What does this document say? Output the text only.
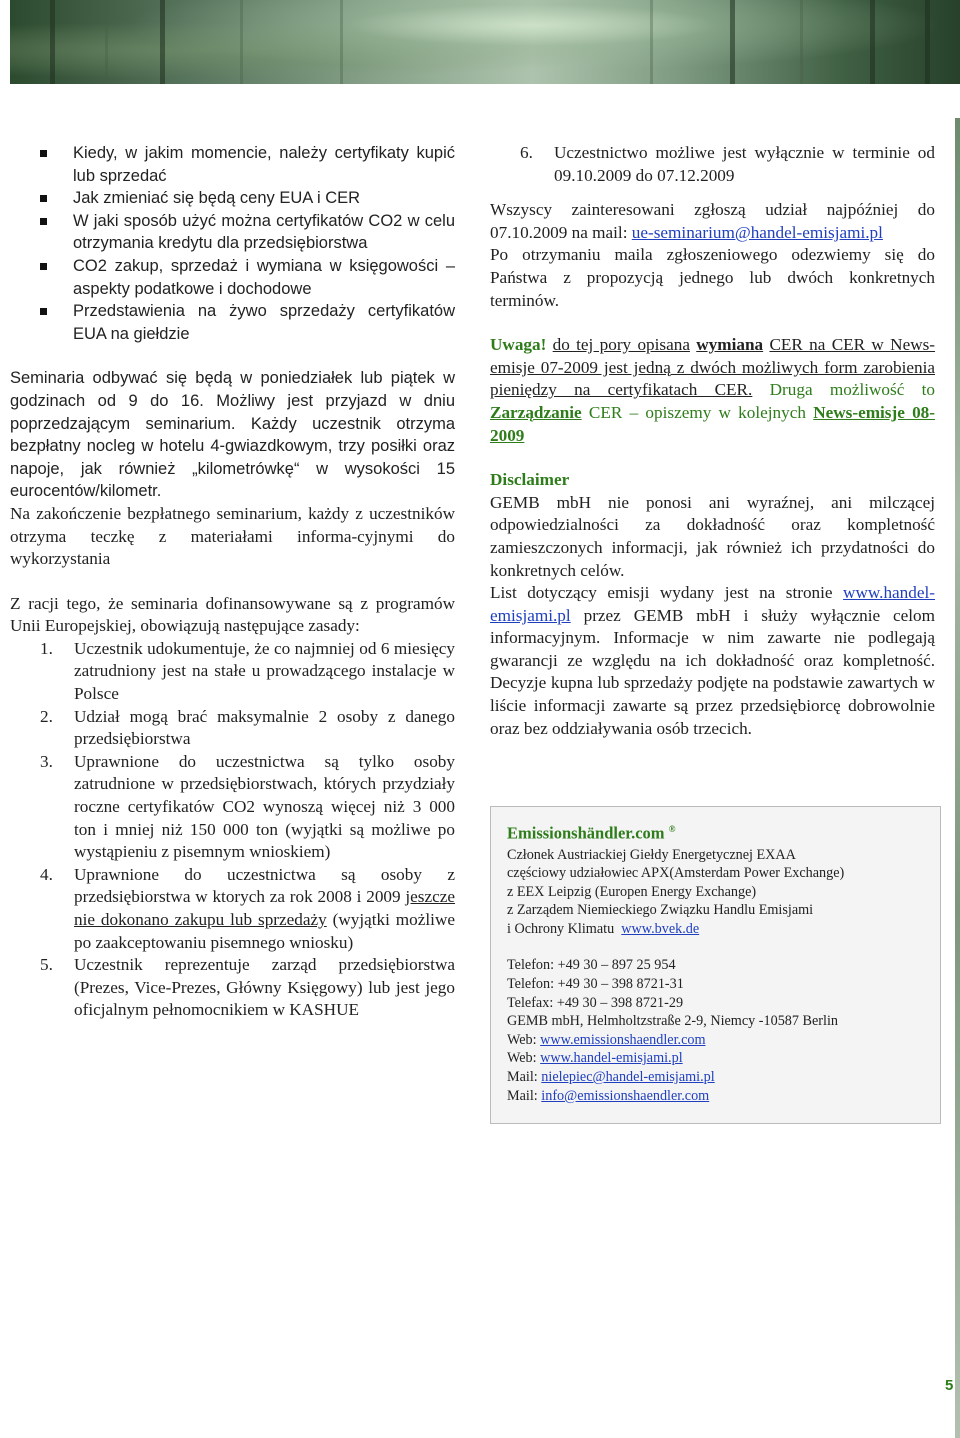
Kiedy, w jakim momencie, należy certyfikaty kupić lub sprzedać
Jak zmieniać się będą ceny EUA i CER
W jaki sposób użyć można certyfikatów CO2 w celu otrzymania kredytu dla przedsiębiorstwa
CO2 zakup, sprzedaż i wymiana w księgowości – aspekty podatkowe i dochodowe
Przedstawienia na żywo sprzedaży certyfikatów EUA na giełdzie
Seminaria odbywać się będą w poniedziałek lub piątek w godzinach od 9 do 16. Możliwy jest przyjazd w dniu poprzedzającym seminarium. Każdy uczestnik otrzyma bezpłatny nocleg w hotelu 4-gwiazdkowym, trzy posiłki oraz napoje, jak również „kilometrówkę“ w wysokości 15 eurocentów/kilometr.
Na zakończenie bezpłatnego seminarium, każdy z uczestników otrzyma teczkę z materiałami informa-cyjnymi do wykorzystania
Z racji tego, że seminaria dofinansowywane są z programów Unii Europejskiej, obowiązują następujące zasady:
1.	Uczestnik udokumentuje, że co najmniej od 6 miesięcy zatrudniony jest na stałe u prowadzącego instalacje w Polsce
2.	Udział mogą brać maksymalnie 2 osoby z danego przedsiębiorstwa
3.	Uprawnione do uczestnictwa są tylko osoby zatrudnione w przedsiębiorstwach, których przydziały roczne certyfikatów CO2 wynoszą więcej niż 3 000 ton i mniej niż 150 000 ton (wyjątki są możliwe po wystąpieniu z pisemnym wnioskiem)
4.	Uprawnione do uczestnictwa są osoby z przedsiębiorstwa w ktorych za rok 2008 i 2009 jeszcze nie dokonano zakupu lub sprzedaży (wyjątki możliwe po zaakceptowaniu pisemnego wniosku)
5.	Uczestnik reprezentuje zarząd przedsiębiorstwa (Prezes, Vice-Prezes, Główny Księgowy) lub jest jego oficjalnym pełnomocnikiem w KASHUE
6.	Uczestnictwo możliwe jest wyłącznie w terminie od 09.10.2009 do 07.12.2009
Wszyscy zainteresowani zgłoszą udział najpóźniej do 07.10.2009 na mail: ue-seminarium@handel-emisjami.pl
Po otrzymaniu maila zgłoszeniowego odezwiemy się do Państwa z propozycją jednego lub dwóch konkretnych terminów.
Uwaga! do tej pory opisana wymiana CER na CER w News-emisje 07-2009 jest jedną z dwóch możliwych form zarobienia pieniędzy na certyfikatach CER. Druga możliwość to Zarządzanie CER – opiszemy w kolejnych News-emisje 08-2009
Disclaimer
GEMB mbH nie ponosi ani wyraźnej, ani milczącej odpowiedzialności za dokładność oraz kompletność zamieszczonych informacji, jak również ich przydatności do konkretnych celów.
List dotyczący emisji wydany jest na stronie www.handel-emisjami.pl przez GEMB mbH i służy wyłącznie celom informacyjnym. Informacje w nim zawarte nie podlegają gwarancji ze względu na ich dokładność oraz kompletność. Decyzje kupna lub sprzedaży podjęte na podstawie zawartych w liście informacji zawarte są przez przedsiębiorcę dobrowolnie oraz bez oddziaływania osób trzecich.
Emissionshändler.com ®
Członek Austriackiej Giełdy Energetycznej EXAA
częściowy udziałowiec APX(Amsterdam Power Exchange)
z EEX Leipzig (Europen Energy Exchange)
z Zarządem Niemieckiego Związku Handlu Emisjami
i Ochrony Klimatu www.bvek.de
Telefon: +49 30 – 897 25 954
Telefon: +49 30 – 398 8721-31
Telefax: +49 30 – 398 8721-29
GEMB mbH, Helmholtzstraße 2-9, Niemcy -10587 Berlin
Web: www.emissionshaendler.com
Web: www.handel-emisjami.pl
Mail: nielepiec@handel-emisjami.pl
Mail: info@emissionshaendler.com
5
